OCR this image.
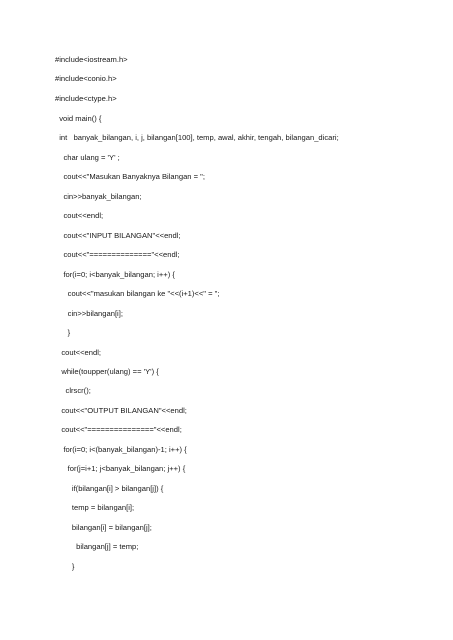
#include<iostream.h>
#include<conio.h>
#include<ctype.h>
void main() {
int   banyak_bilangan, i, j, bilangan[100], temp, awal, akhir, tengah, bilangan_dicari;
char ulang = 'Y' ;
cout<<"Masukan Banyaknya Bilangan = ";
cin>>banyak_bilangan;
cout<<endl;
cout<<"INPUT BILANGAN"<<endl;
cout<<"=============="<<endl;
for(i=0; i<banyak_bilangan; i++) {
cout<<"masukan bilangan ke "<<(i+1)<<" = ";
cin>>bilangan[i];
}
cout<<endl;
while(toupper(ulang) == 'Y') {
clrscr();
cout<<"OUTPUT BILANGAN"<<endl;
cout<<"==============="<<endl;
for(i=0; i<(banyak_bilangan)-1; i++) {
for(j=i+1; j<banyak_bilangan; j++) {
if(bilangan[i] > bilangan[j]) {
temp = bilangan[i];
bilangan[i] = bilangan[j];
bilangan[j] = temp;
}
